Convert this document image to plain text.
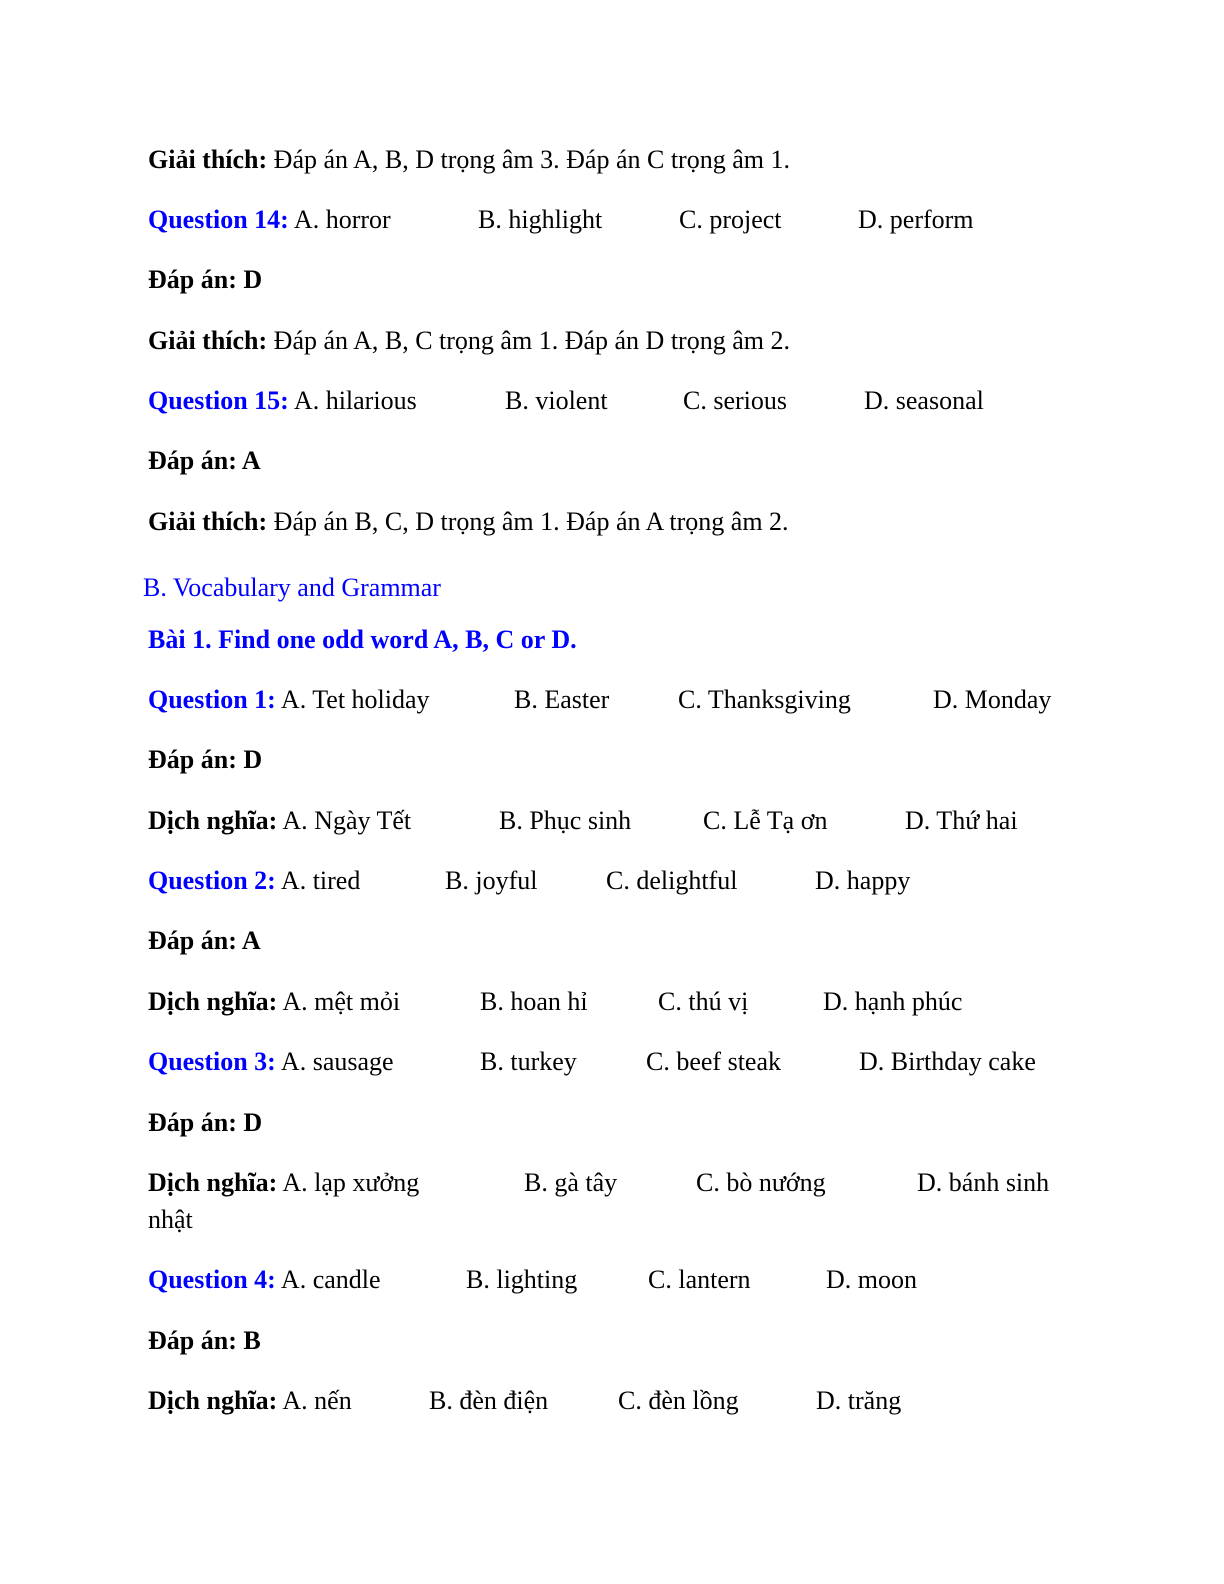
Giải thích: Đáp án A, B, D trọng âm 3. Đáp án C trọng âm 1.
Question 14: A. horror	B. highlight	C. project	D. perform
Đáp án: D
Giải thích: Đáp án A, B, C trọng âm 1. Đáp án D trọng âm 2.
Question 15: A. hilarious	B. violent	C. serious	D. seasonal
Đáp án: A
Giải thích: Đáp án B, C, D trọng âm 1. Đáp án A trọng âm 2.
B. Vocabulary and Grammar
Bài 1. Find one odd word A, B, C or D.
Question 1: A. Tet holiday	B. Easter	C. Thanksgiving	D. Monday
Đáp án: D
Dịch nghĩa: A. Ngày Tết	B. Phục sinh	C. Lễ Tạ ơn	D. Thứ hai
Question 2: A. tired	B. joyful	C. delightful	D. happy
Đáp án: A
Dịch nghĩa: A. mệt mỏi	B. hoan hỉ	C. thú vị	D. hạnh phúc
Question 3: A. sausage	B. turkey	C. beef steak	D. Birthday cake
Đáp án: D
Dịch nghĩa: A. lạp xưởng	B. gà tây	C. bò nướng	D. bánh sinh
nhật
Question 4: A. candle	B. lighting	C. lantern	D. moon
Đáp án: B
Dịch nghĩa: A. nến	B. đèn điện	C. đèn lồng	D. trăng
